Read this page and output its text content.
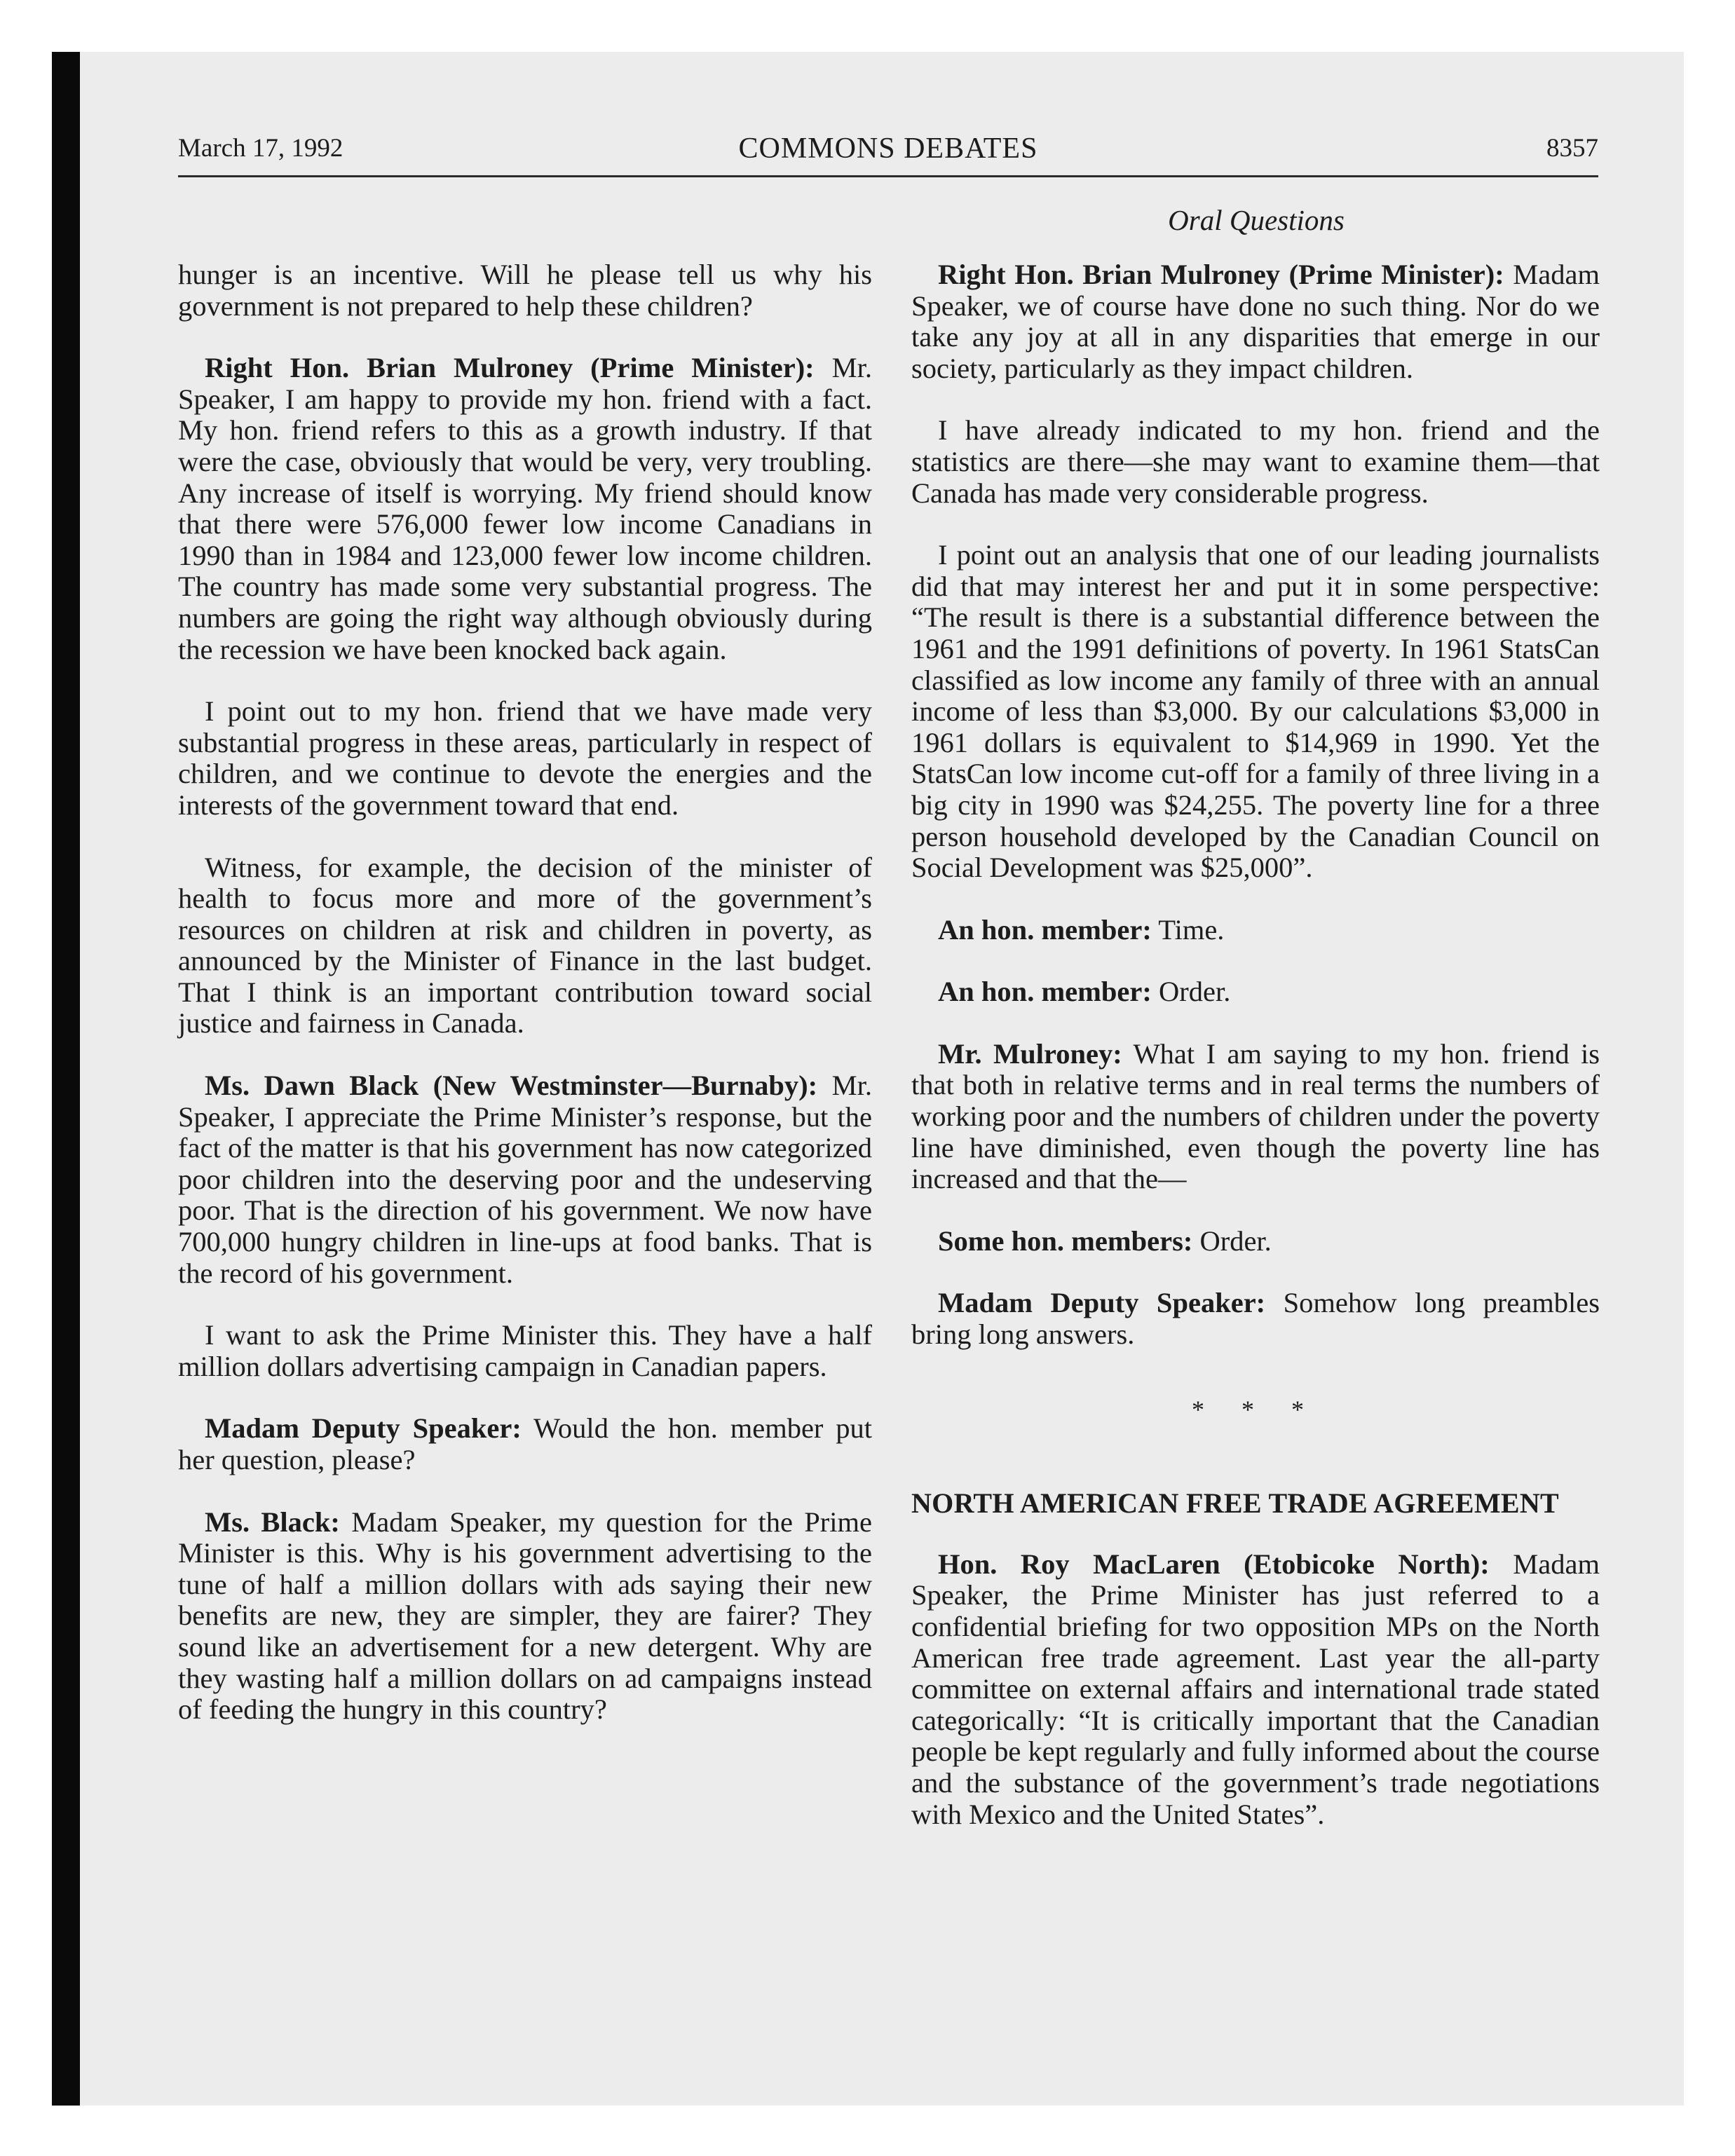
March 17, 1992	COMMONS DEBATES	8357
Oral Questions

hunger is an incentive. Will he please tell us why his government is not prepared to help these children?

Right Hon. Brian Mulroney (Prime Minister): Mr. Speaker, I am happy to provide my hon. friend with a fact. My hon. friend refers to this as a growth industry. If that were the case, obviously that would be very, very troubling. Any increase of itself is worrying. My friend should know that there were 576,000 fewer low income Canadians in 1990 than in 1984 and 123,000 fewer low income children. The country has made some very substantial progress. The numbers are going the right way although obviously during the recession we have been knocked back again.

I point out to my hon. friend that we have made very substantial progress in these areas, particularly in respect of children, and we continue to devote the energies and the interests of the government toward that end.

Witness, for example, the decision of the minister of health to focus more and more of the government’s resources on children at risk and children in poverty, as announced by the Minister of Finance in the last budget. That I think is an important contribution toward social justice and fairness in Canada.

Ms. Dawn Black (New Westminster—Burnaby): Mr. Speaker, I appreciate the Prime Minister’s response, but the fact of the matter is that his government has now categorized poor children into the deserving poor and the undeserving poor. That is the direction of his government. We now have 700,000 hungry children in line-ups at food banks. That is the record of his government.

I want to ask the Prime Minister this. They have a half million dollars advertising campaign in Canadian papers.

Madam Deputy Speaker: Would the hon. member put her question, please?

Ms. Black: Madam Speaker, my question for the Prime Minister is this. Why is his government advertising to the tune of half a million dollars with ads saying their new benefits are new, they are simpler, they are fairer? They sound like an advertisement for a new detergent. Why are they wasting half a million dollars on ad campaigns instead of feeding the hungry in this country?

Right Hon. Brian Mulroney (Prime Minister): Madam Speaker, we of course have done no such thing. Nor do we take any joy at all in any disparities that emerge in our society, particularly as they impact children.

I have already indicated to my hon. friend and the statistics are there—she may want to examine them—that Canada has made very considerable progress.

I point out an analysis that one of our leading journalists did that may interest her and put it in some perspective: “The result is there is a substantial difference between the 1961 and the 1991 definitions of poverty. In 1961 StatsCan classified as low income any family of three with an annual income of less than $3,000. By our calculations $3,000 in 1961 dollars is equivalent to $14,969 in 1990. Yet the StatsCan low income cut-off for a family of three living in a big city in 1990 was $24,255. The poverty line for a three person household developed by the Canadian Council on Social Development was $25,000”.

An hon. member: Time.

An hon. member: Order.

Mr. Mulroney: What I am saying to my hon. friend is that both in relative terms and in real terms the numbers of working poor and the numbers of children under the poverty line have diminished, even though the poverty line has increased and that the—

Some hon. members: Order.

Madam Deputy Speaker: Somehow long preambles bring long answers.

* * *
NORTH AMERICAN FREE TRADE AGREEMENT

Hon. Roy MacLaren (Etobicoke North): Madam Speaker, the Prime Minister has just referred to a confidential briefing for two opposition MPs on the North American free trade agreement. Last year the all-party committee on external affairs and international trade stated categorically: “It is critically important that the Canadian people be kept regularly and fully informed about the course and the substance of the government’s trade negotiations with Mexico and the United States”.
